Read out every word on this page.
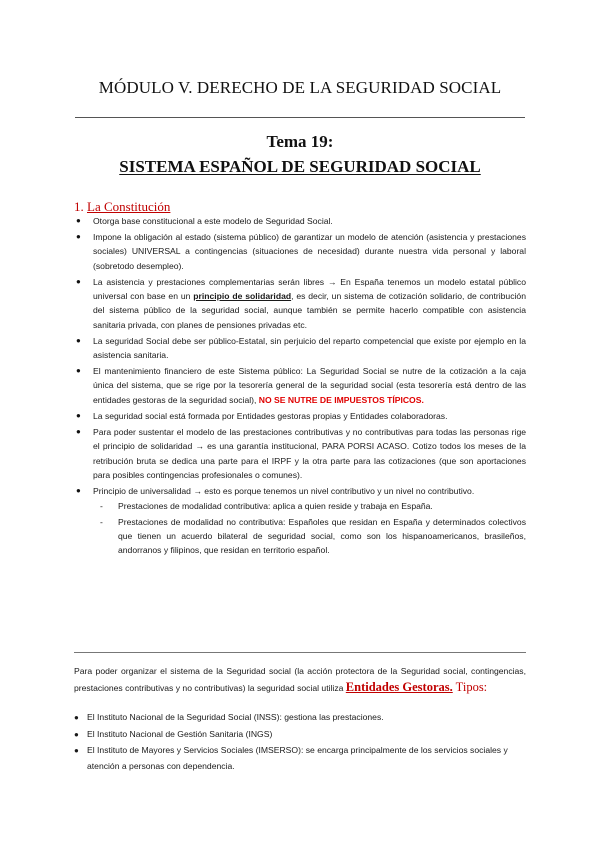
MÓDULO V. DERECHO DE LA SEGURIDAD SOCIAL
Tema 19:
SISTEMA ESPAÑOL DE SEGURIDAD SOCIAL
1. La Constitución
● Otorga base constitucional a este modelo de Seguridad Social.
● Impone la obligación al estado (sistema público) de garantizar un modelo de atención (asistencia y prestaciones sociales) UNIVERSAL a contingencias (situaciones de necesidad) durante nuestra vida personal y laboral (sobretodo desempleo).
● La asistencia y prestaciones complementarias serán libres → En España tenemos un modelo estatal público universal con base en un principio de solidaridad, es decir, un sistema de cotización solidario, de contribución del sistema público de la seguridad social, aunque también se permite hacerlo compatible con asistencia sanitaria privada, con planes de pensiones privadas etc.
● La seguridad Social debe ser público-Estatal, sin perjuicio del reparto competencial que existe por ejemplo en la asistencia sanitaria.
● El mantenimiento financiero de este Sistema público: La Seguridad Social se nutre de la cotización a la caja única del sistema, que se rige por la tesorería general de la seguridad social (esta tesorería está dentro de las entidades gestoras de la seguridad social), NO SE NUTRE DE IMPUESTOS TÍPICOS.
● La seguridad social está formada por Entidades gestoras propias y Entidades colaboradoras.
● Para poder sustentar el modelo de las prestaciones contributivas y no contributivas para todas las personas rige el principio de solidaridad → es una garantía institucional, PARA PORSI ACASO. Cotizo todos los meses de la retribución bruta se dedica una parte para el IRPF y la otra parte para las cotizaciones (que son aportaciones para posibles contingencias profesionales o comunes).
● Principio de universalidad → esto es porque tenemos un nivel contributivo y un nivel no contributivo.
- Prestaciones de modalidad contributiva: aplica a quien reside y trabaja en España.
- Prestaciones de modalidad no contributiva: Españoles que residan en España y determinados colectivos que tienen un acuerdo bilateral de seguridad social, como son los hispanoamericanos, brasileños, andorranos y filipinos, que residan en territorio español.

Para poder organizar el sistema de la Seguridad social (la acción protectora de la Seguridad social, contingencias, prestaciones contributivas y no contributivas) la seguridad social utiliza Entidades Gestoras. Tipos:

● El Instituto Nacional de la Seguridad Social (INSS): gestiona las prestaciones.
● El Instituto Nacional de Gestión Sanitaria (INGS)
● El Instituto de Mayores y Servicios Sociales (IMSERSO): se encarga principalmente de los servicios sociales y atención a personas con dependencia.
